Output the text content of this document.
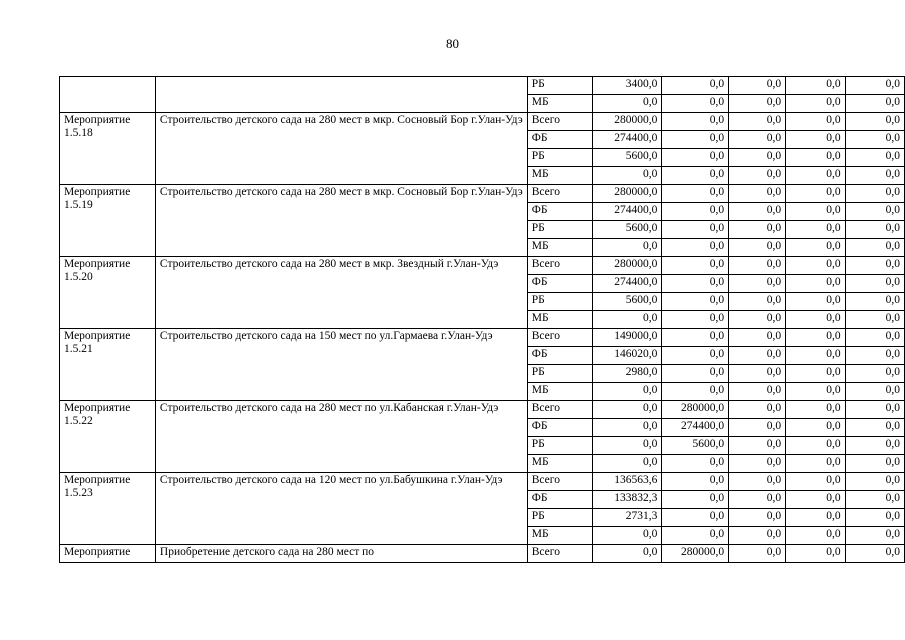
80
		РБ	3400,0	0,0	0,0	0,0	0,0
		МБ	0,0	0,0	0,0	0,0	0,0

Мероприятие
1.5.18	Строительство детского сада на 280 мест в мкр. Сосновый Бор г.Улан-Удэ	Всего	280000,0	0,0	0,0	0,0	0,0
		ФБ	274400,0	0,0	0,0	0,0	0,0
		РБ	5600,0	0,0	0,0	0,0	0,0
		МБ	0,0	0,0	0,0	0,0	0,0

Мероприятие
1.5.19	Строительство детского сада на 280 мест в мкр. Сосновый Бор г.Улан-Удэ	Всего	280000,0	0,0	0,0	0,0	0,0
		ФБ	274400,0	0,0	0,0	0,0	0,0
		РБ	5600,0	0,0	0,0	0,0	0,0
		МБ	0,0	0,0	0,0	0,0	0,0

Мероприятие
1.5.20	Строительство детского сада на 280 мест в мкр. Звездный г.Улан-Удэ	Всего	280000,0	0,0	0,0	0,0	0,0
		ФБ	274400,0	0,0	0,0	0,0	0,0
		РБ	5600,0	0,0	0,0	0,0	0,0
		МБ	0,0	0,0	0,0	0,0	0,0

Мероприятие
1.5.21	Строительство детского сада на 150 мест по ул.Гармаева г.Улан-Удэ	Всего	149000,0	0,0	0,0	0,0	0,0
		ФБ	146020,0	0,0	0,0	0,0	0,0
		РБ	2980,0	0,0	0,0	0,0	0,0
		МБ	0,0	0,0	0,0	0,0	0,0

Мероприятие
1.5.22	Строительство детского сада на 280 мест по ул.Кабанская г.Улан-Удэ	Всего	0,0	280000,0	0,0	0,0	0,0
		ФБ	0,0	274400,0	0,0	0,0	0,0
		РБ	0,0	5600,0	0,0	0,0	0,0
		МБ	0,0	0,0	0,0	0,0	0,0

Мероприятие
1.5.23	Строительство детского сада на 120 мест по ул.Бабушкина г.Улан-Удэ	Всего	136563,6	0,0	0,0	0,0	0,0
		ФБ	133832,3	0,0	0,0	0,0	0,0
		РБ	2731,3	0,0	0,0	0,0	0,0
		МБ	0,0	0,0	0,0	0,0	0,0

Мероприятие	Приобретение детского сада на 280 мест по	Всего	0,0	280000,0	0,0	0,0	0,0
